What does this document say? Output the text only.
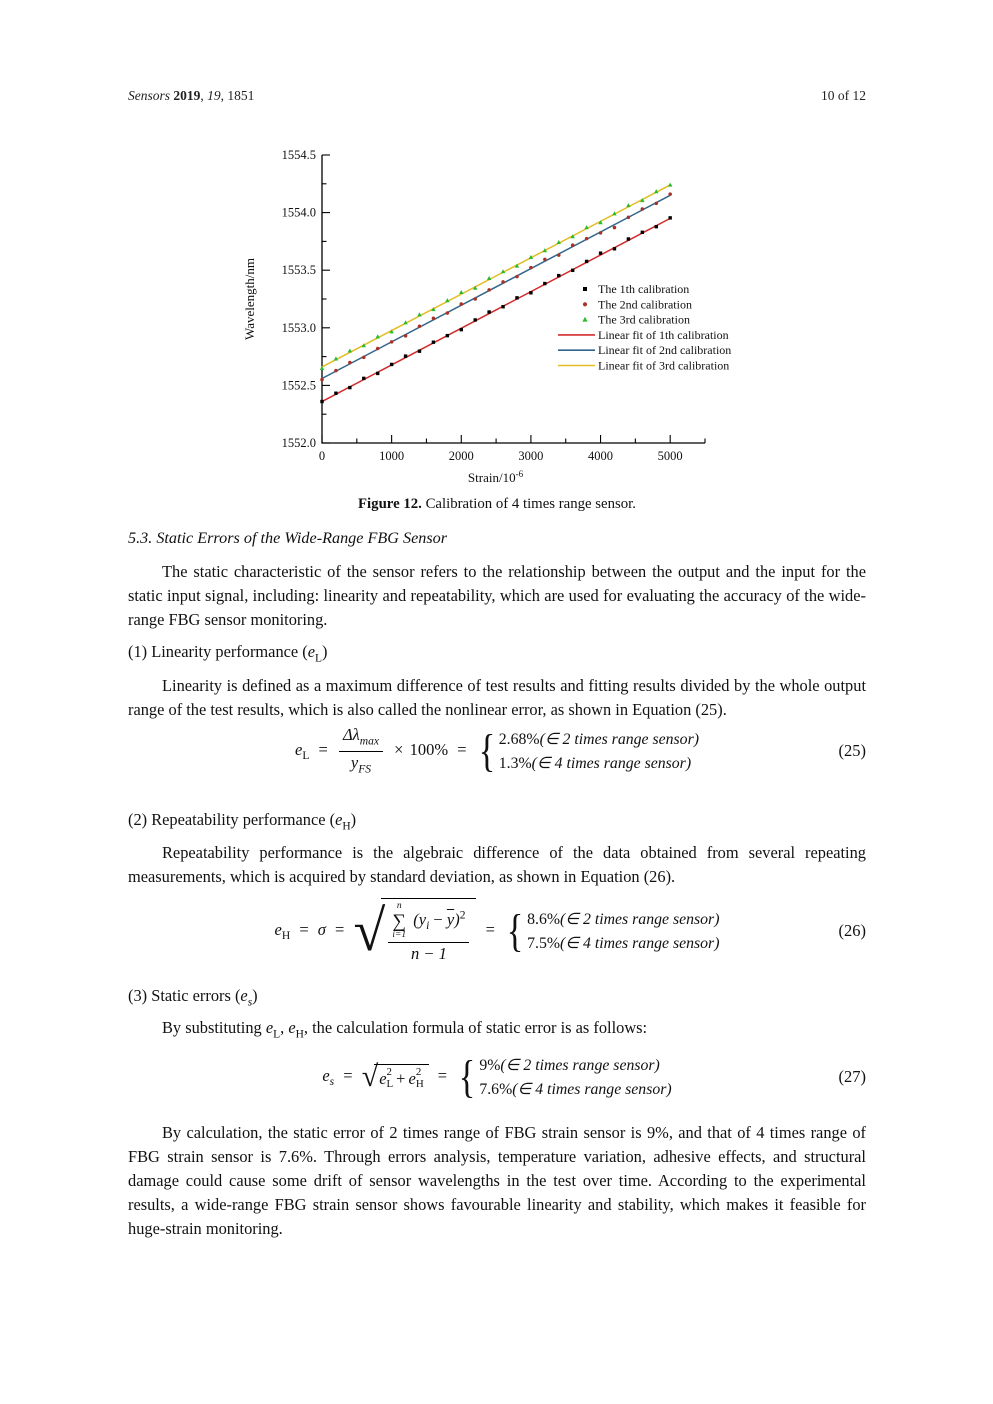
Sensors 2019, 19, 1851	10 of 12
1552.0
1552.5
1553.0
1553.5
1554.0
1554.5
0	1000	2000	3000	4000	5000
Wavelength/nm
Strain/$10^{-6}$
The 1th calibration
The 2nd calibration
The 3rd calibration
Linear fit of 1th calibration
Linear fit of 2nd calibration
Linear fit of 3rd calibration
Figure 12. Calibration of 4 times range sensor.
5.3. Static Errors of the Wide-Range FBG Sensor
The static characteristic of the sensor refers to the relationship between the output and the input for the static input signal, including: linearity and repeatability, which are used for evaluating the accuracy of the wide-range FBG sensor monitoring.
(1) Linearity performance $(e_L)$
Linearity is defined as a maximum difference of test results and fitting results divided by the whole output range of the test results, which is also called the nonlinear error, as shown in Equation (25).
$e_L = \frac{\Delta\lambda_{max}}{y_{FS}} \times 100\%$ = { 2.68%(∈ 2 times range sensor)
1.3%(∈ 4 times range sensor)
(25)
(2) Repeatability performance $(e_H)$
Repeatability performance is the algebraic difference of the data obtained from several repeating measurements, which is acquired by standard deviation, as shown in Equation (26).
$e_H = \sigma$ = √ n
∑
i=1
$(y_i - \overline{y})^2$
n − 1
= { 8.6%(∈ 2 times range sensor)
7.5%(∈ 4 times range sensor)
(26)
(3) Static errors $(e_s)$
By substituting $e_L$, $e_H$, the calculation formula of static error is as follows:
$e_s$ = √ e 2
L + e 2
H = { 9%(∈ 2 times range sensor)
7.6%(∈ 4 times range sensor)
(27)
By calculation, the static error of 2 times range of FBG strain sensor is 9%, and that of 4 times range of FBG strain sensor is 7.6%. Through errors analysis, temperature variation, adhesive effects, and structural damage could cause some drift of sensor wavelengths in the test over time. According to the experimental results, a wide-range FBG strain sensor shows favourable linearity and stability, which makes it feasible for huge-strain monitoring.
